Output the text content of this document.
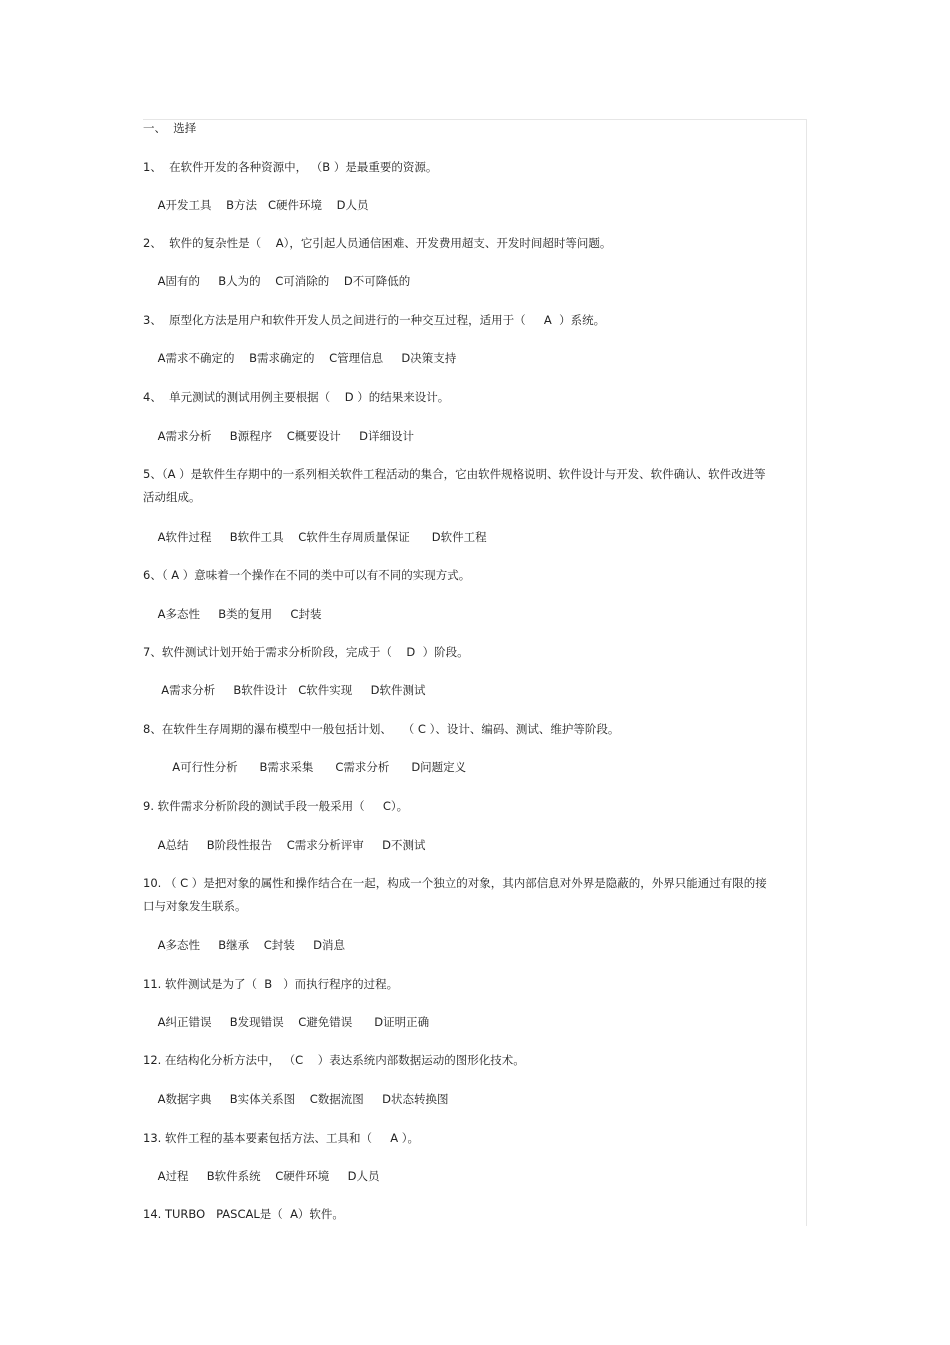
一、  选择
1、  在软件开发的各种资源中， （B ）是最重要的资源。
A开发工具    B方法   C硬件环境    D人员
2、  软件的复杂性是（    A），它引起人员通信困难、开发费用超支、开发时间超时等问题。
A固有的     B人为的    C可消除的    D不可降低的
3、  原型化方法是用户和软件开发人员之间进行的一种交互过程，适用于（     A  ）系统。
A需求不确定的    B需求确定的    C管理信息     D决策支持
4、  单元测试的测试用例主要根据（    D ）的结果来设计。
A需求分析     B源程序    C概要设计     D详细设计
5、（A ）是软件生存期中的一系列相关软件工程活动的集合，它由软件规格说明、软件设计与开发、软件确认、软件改进等活动组成。
A软件过程     B软件工具    C软件生存周质量保证      D软件工程
6、（ A ）意味着一个操作在不同的类中可以有不同的实现方式。
A多态性     B类的复用     C封装
7、软件测试计划开始于需求分析阶段，完成于（    D  ）阶段。
A需求分析     B软件设计   C软件实现     D软件测试
8、在软件生存周期的瀑布模型中一般包括计划、   （ C ）、设计、编码、测试、维护等阶段。
A可行性分析      B需求采集      C需求分析      D问题定义
9. 软件需求分析阶段的测试手段一般采用（     C）。
A总结     B阶段性报告    C需求分析评审     D不测试
10. （ C ）是把对象的属性和操作结合在一起，构成一个独立的对象，其内部信息对外界是隐蔽的，外界只能通过有限的接口与对象发生联系。
A多态性     B继承    C封装     D消息
11. 软件测试是为了（  B   ）而执行程序的过程。
A纠正错误     B发现错误    C避免错误      D证明正确
12. 在结构化分析方法中， （C    ）表达系统内部数据运动的图形化技术。
A数据字典     B实体关系图    C数据流图     D状态转换图
13. 软件工程的基本要素包括方法、工具和（     A ）。
A过程     B软件系统    C硬件环境     D人员
14. TURBO   PASCAL是（  A）软件。
